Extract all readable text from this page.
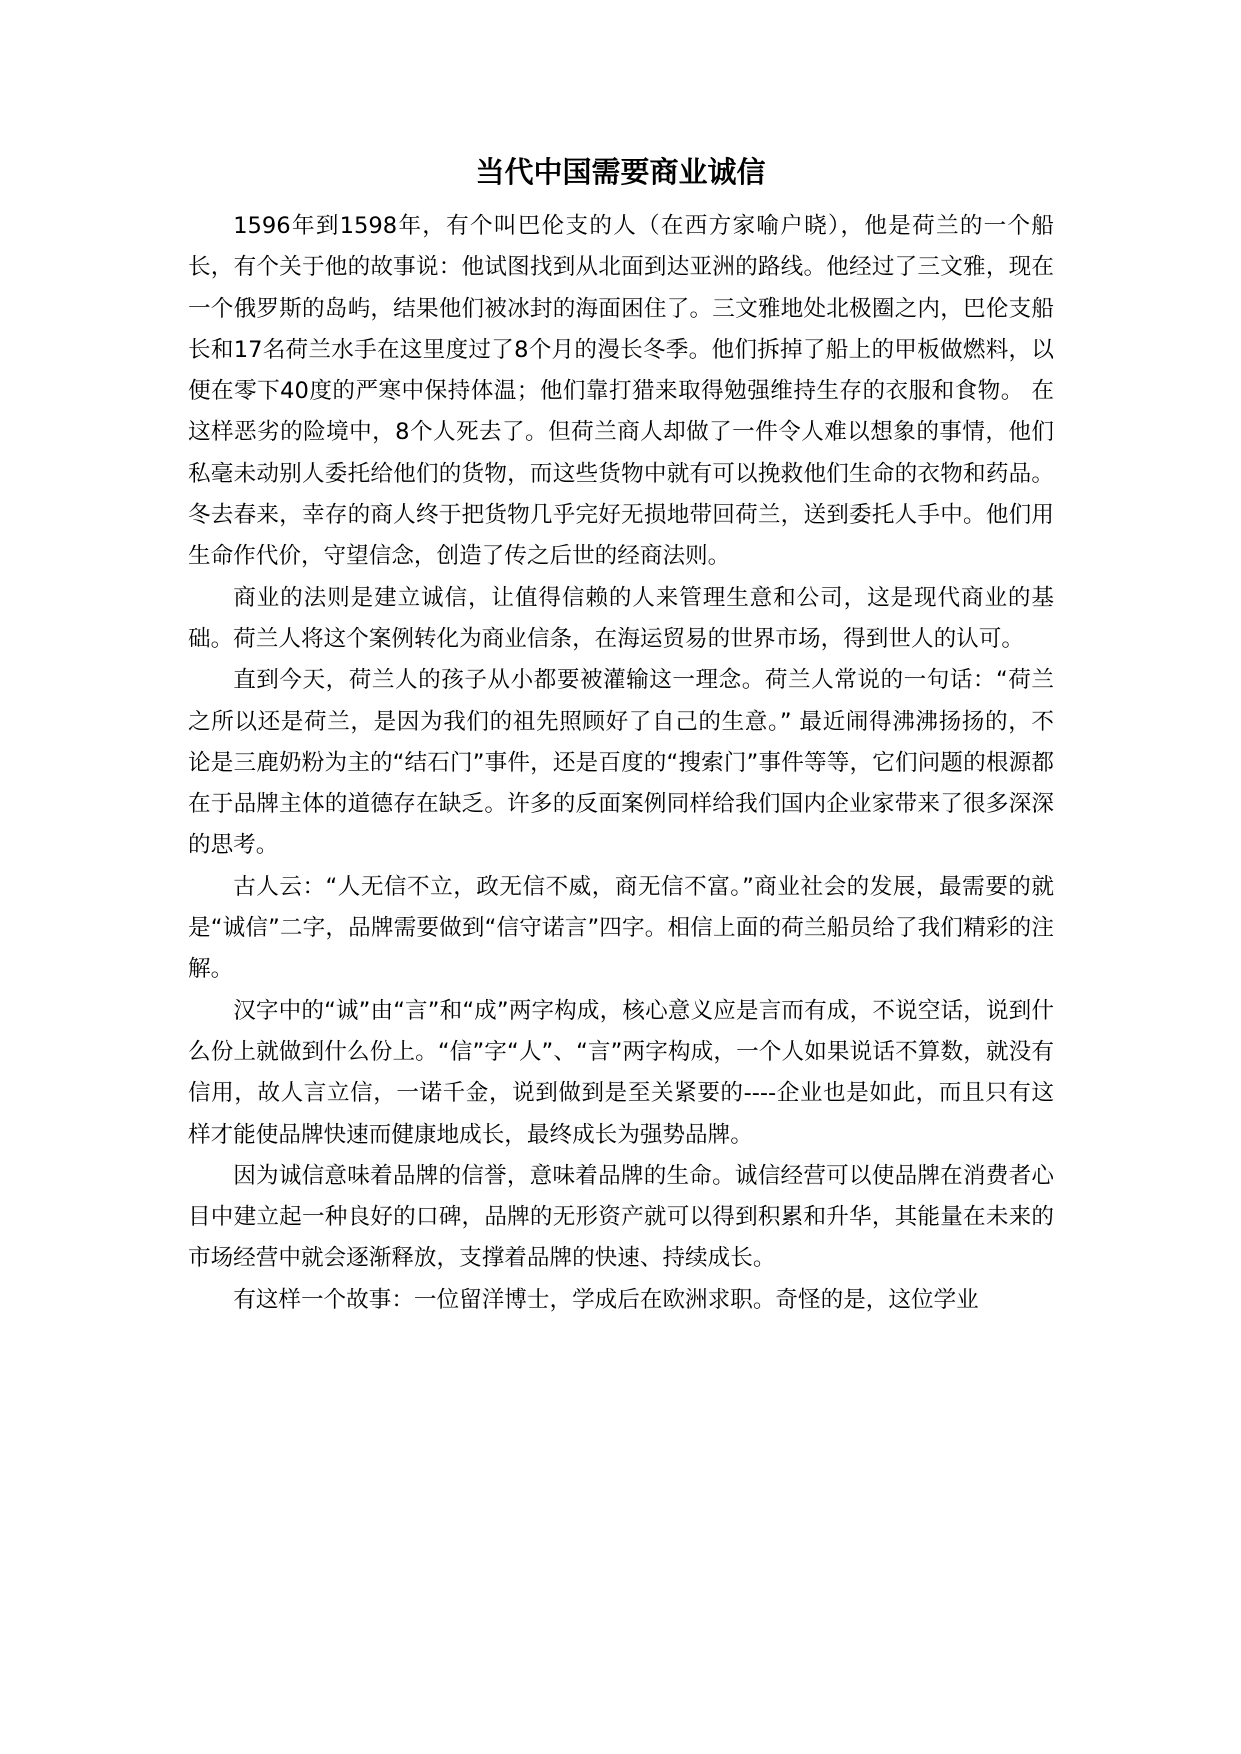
当代中国需要商业诚信

1596年到1598年，有个叫巴伦支的人（在西方家喻户晓），他是荷兰的一个船长，有个关于他的故事说：他试图找到从北面到达亚洲的路线。他经过了三文雅，现在一个俄罗斯的岛屿，结果他们被冰封的海面困住了。三文雅地处北极圈之内，巴伦支船长和17名荷兰水手在这里度过了8个月的漫长冬季。他们拆掉了船上的甲板做燃料，以便在零下40度的严寒中保持体温；他们靠打猎来取得勉强维持生存的衣服和食物。 在这样恶劣的险境中，8个人死去了。但荷兰商人却做了一件令人难以想象的事情，他们私毫未动别人委托给他们的货物，而这些货物中就有可以挽救他们生命的衣物和药品。冬去春来，幸存的商人终于把货物几乎完好无损地带回荷兰，送到委托人手中。他们用生命作代价，守望信念，创造了传之后世的经商法则。

商业的法则是建立诚信，让值得信赖的人来管理生意和公司，这是现代商业的基础。荷兰人将这个案例转化为商业信条，在海运贸易的世界市场，得到世人的认可。

直到今天，荷兰人的孩子从小都要被灌输这一理念。荷兰人常说的一句话：“荷兰之所以还是荷兰，是因为我们的祖先照顾好了自己的生意。” 最近闹得沸沸扬扬的，不论是三鹿奶粉为主的“结石门”事件，还是百度的“搜索门”事件等等，它们问题的根源都在于品牌主体的道德存在缺乏。许多的反面案例同样给我们国内企业家带来了很多深深的思考。

古人云：“人无信不立，政无信不威，商无信不富。”商业社会的发展，最需要的就是“诚信”二字，品牌需要做到“信守诺言”四字。相信上面的荷兰船员给了我们精彩的注解。

汉字中的“诚”由“言”和“成”两字构成，核心意义应是言而有成，不说空话，说到什么份上就做到什么份上。“信”字“人”、“言”两字构成，一个人如果说话不算数，就没有信用，故人言立信，一诺千金，说到做到是至关紧要的----企业也是如此，而且只有这样才能使品牌快速而健康地成长，最终成长为强势品牌。

因为诚信意味着品牌的信誉，意味着品牌的生命。诚信经营可以使品牌在消费者心目中建立起一种良好的口碑，品牌的无形资产就可以得到积累和升华，其能量在未来的市场经营中就会逐渐释放，支撑着品牌的快速、持续成长。

有这样一个故事：一位留洋博士，学成后在欧洲求职。奇怪的是，这位学业
